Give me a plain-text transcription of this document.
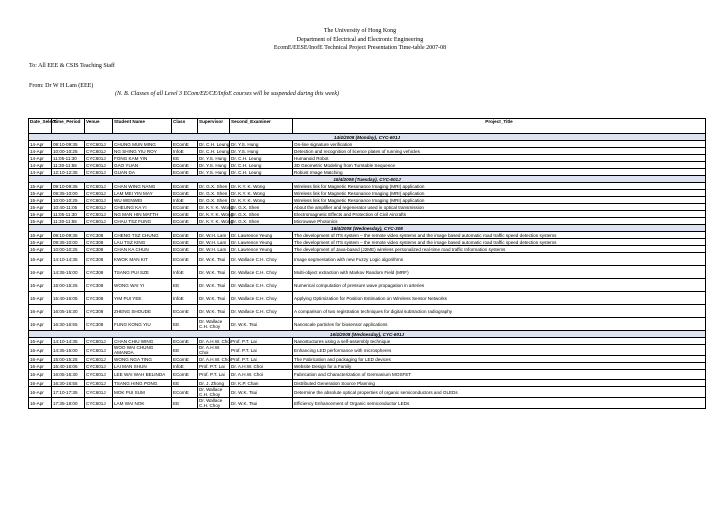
The University of Hong Kong
Department of Electrical and Electronic Engineering
EcomE/EESE/InofE Technical Project Presentation Time-table 2007-08
To: All EEE & CSIS Teaching Staff
From: Dr W H Lam (EEE)
(N. B. Classes of all Level 3 ECom/EE/CE/InfoE courses will be suspended during this week)
Date_Select	Time_Period	Venue	Student Name	Class	Supervisor	Second_Examiner	Project_Title
14/4/2008 (Monday), CYC-601J							
14-Apr	09:10-09:35	CYC601J	CHUNG MUN MING	EComE	Dr. C.H. Leung	Dr. Y.S. Hung	On-line signature verification
14-Apr	10:00-10:25	CYC601J	NG SHING YIU ROY	InfoE	Dr. C.H. Leung	Dr. Y.S. Hung	Detection and recognition of licence plates of running vehicles
14-Apr	11:05-11:30	CYC601J	FONG KAM YIN	EE	Dr. Y.S. Hung	Dr. C.H. Leung	Humanoid Robot
14-Apr	11:30-11:55	CYC601J	GAO YUAN	EComE	Dr. Y.S. Hung	Dr. C.H. Leung	3D Geometric Modeling from Turntable Sequence
14-Apr	12:10-12:35	CYC601J	GUAN DA	EComE	Dr. Y.S. Hung	Dr. C.H. Leung	Robust Image Matching
15/4/2008 (Tuesday), CYC-601J							
15-Apr	09:10-09:35	CYC601J	CHAN WING NANG	EComE	Dr. G.X. Shen	Dr. K.Y. K. Wong	Wireless link for Magnetic Resonance Imaging (MRI) application
15-Apr	09:35-10:00	CYC601J	LAM MEI YIN MAY	EComE	Dr. G.X. Shen	Dr. K.Y. K. Wong	Wireless link for Magnetic Resonance Imaging (MRI) application
15-Apr	10:00-10:25	CYC601J	WU WENWEI	InfoE	Dr. G.X. Shen	Dr. K.Y. K. Wong	Wireless link for Magnetic Resonance Imaging (MRI) application
15-Apr	10:40-11:05	CYC601J	CHEUNG KA YI	EComE	Dr. K.Y. K. Wong	Dr. G.X. Shen	About the amplifier and regenerator used in optical transmission
15-Apr	11:05-11:30	CYC601J	NG MAN HIN MATTH	EComE	Dr. K.Y. K. Wong	Dr. G.X. Shen	Electromagnetic Effects and Protection of Civil Aircrafts
15-Apr	11:30-11:55	CYC601J	CHAU TSZ FUNG	EComE	Dr. K.Y. K. Wong	Dr. G.X. Shen	Microwave Photonics
16/4/2008 (Wednesday), CYC-308							
16-Apr	09:10-09:35	CYC308	CHENG TSZ CHUNG	EComE	Dr. W.H. Lam	Dr. Lawrence Yeung	The development of ITS system – the remote video systems and the image based automatic road traffic speed detection systems
16-Apr	09:35-10:00	CYC308	LAU TSZ KING	EComE	Dr. W.H. Lam	Dr. Lawrence Yeung	The development of ITS system – the remote video systems and the image based automatic road traffic speed detection systems
16-Apr	10:00-10:25	CYC308	CHAN KA CHUN	EComE	Dr. W.H. Lam	Dr. Lawrence Yeung	The development of Java-based (J2ME) wireless personalized real-time road traffic Information systems
16-Apr	14:10-14:35	CYC308	KWOK MAN KIT	EComE	Dr. W.K. Tsui	Dr. Wallace C.H. Choy	Image segmentation with new Fuzzy Logic algorithms
16-Apr	14:35-15:00	CYC308	TSANG PUI SZE	InfoE	Dr. W.K. Tsui	Dr. Wallace C.H. Choy	Multi-object extraction with Markov Random Field (MRF)
16-Apr	15:00-15:25	CYC308	WONG WAI YI	EE	Dr. W.K. Tsui	Dr. Wallace C.H. Choy	Numerical computation of pressure wave propagation in arteries
16-Apr	15:40-16:05	CYC308	YIM PUI YEE	InfoE	Dr. W.K. Tsui	Dr. Wallace C.H. Choy	Applying Optimization for Position Estimation on Wireless Sensor Networks
16-Apr	16:05-16:30	CYC308	ZHENG SHOUDE	EComE	Dr. W.K. Tsui	Dr. Wallace C.H. Choy	A comparison of two registration techniques for digital subtraction radiography
16-Apr	16:30-16:55	CYC308	FUNG KONG YIU	EE	Dr. Wallace C.H. Choy	Dr. W.K. Tsui	Nanoscale particles for biosensor applications
16/4/2008 (Wednesday), CYC-601J							
16-Apr	14:10-14:35	CYC601J	CHAN CHIU WING	EComE	Dr. A.H.W. Choi	Prof. P.T. Lai	Nanostuctures using a self-assembly technique
16-Apr	14:35-15:00	CYC601J	WOO WAI CHUNG AMANDA	EE	Dr. A.H.W. Choi	Prof. P.T. Lai	Enhancing LED performance with microspheres
16-Apr	15:00-15:25	CYC601J	WONG NGA TING	EComE	Dr. A.H.W. Choi	Prof. P.T. Lai	The Fabrication and packaging for LED devices
16-Apr	15:40-16:05	CYC601J	LAI MAN SHUN	InfoE	Prof. P.T. Lai	Dr. A.H.W. Choi	Website Design for a Family
16-Apr	16:05-16:30	CYC601J	LEE WAI WAH BELINDA	EComE	Prof. P.T. Lai	Dr. A.H.W. Choi	Fabrication and Characterization of Germanium MOSFET
16-Apr	16:30-16:55	CYC601J	TSANG HING PONG	EE	Dr. J. Zhong	Dr. K.P. Chan	Distributed Generation Source Planning
16-Apr	17:10-17:35	CYC601J	MOK PUI SUM	EComE	Dr. Wallace C.H. Choy	Dr. W.K. Tsui	Determine the absolute optical properties of organic semiconductors and OLEDs
16-Apr	17:35-18:00	CYC601J	LAM WAI NOK	EE	Dr. Wallace C.H. Choy	Dr. W.K. Tsui	Efficiency Enhancement of Organic semiconductor LEDs
